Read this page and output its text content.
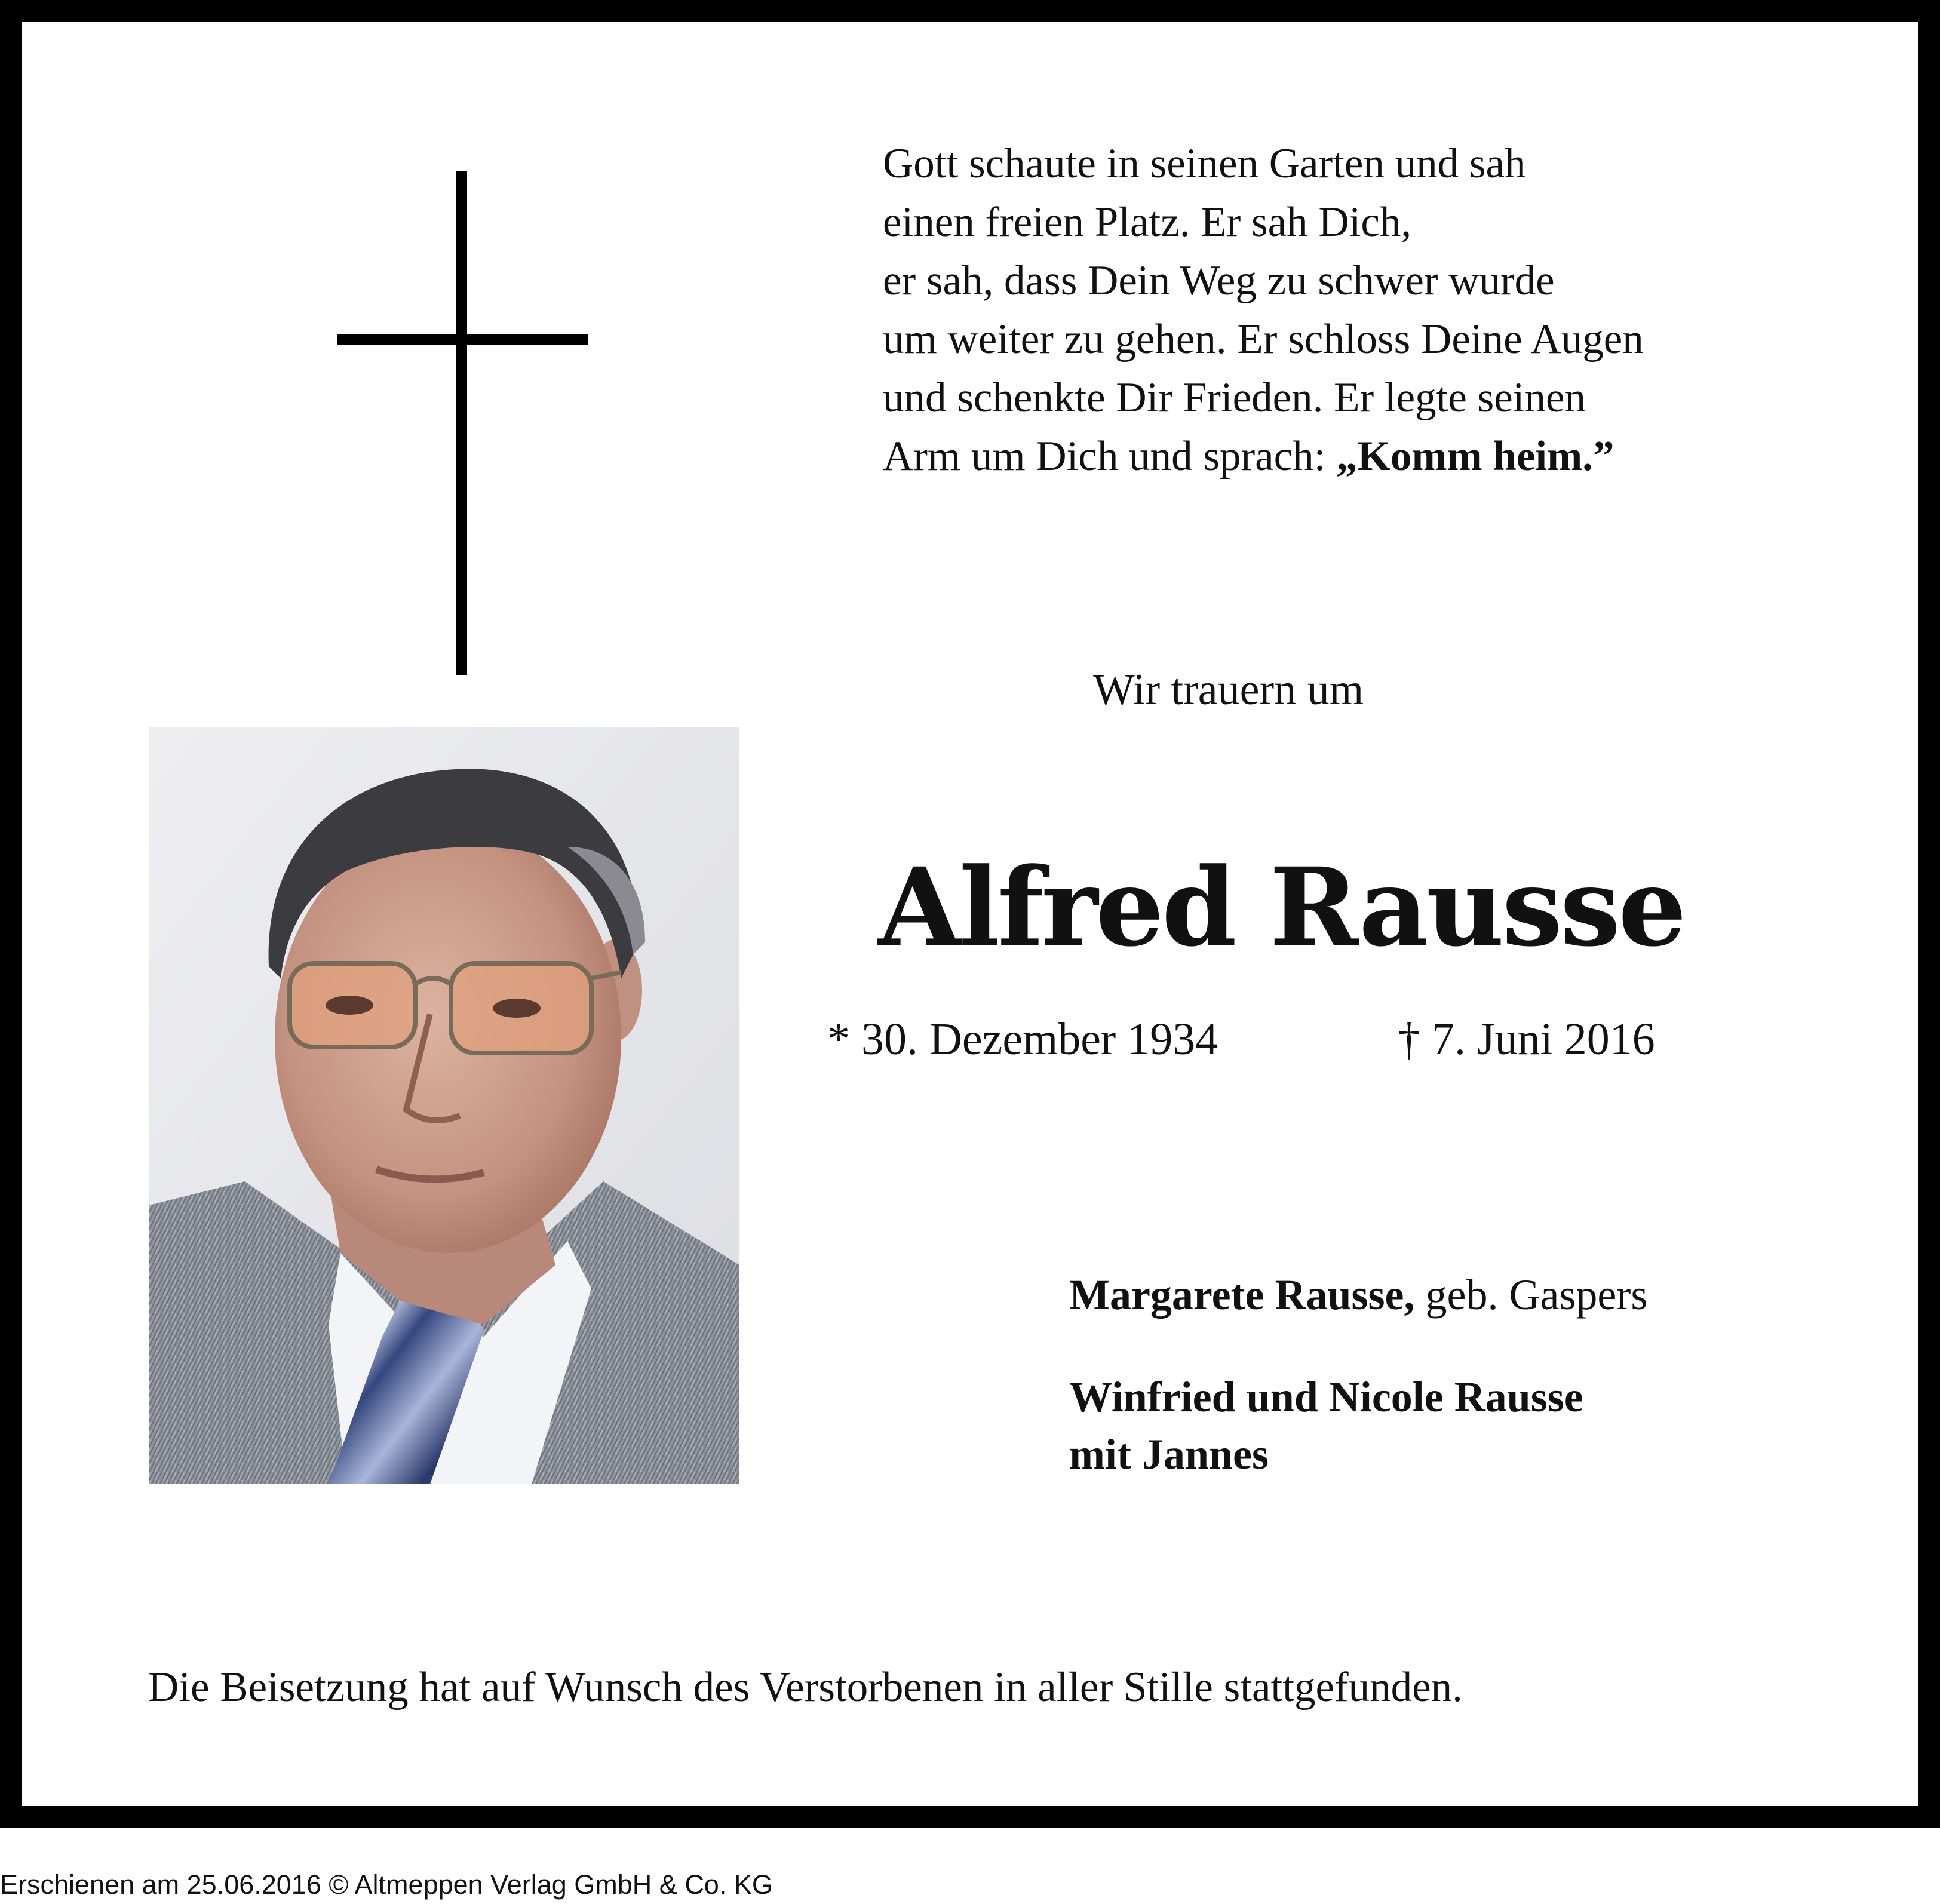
Gott schaute in seinen Garten und sah
einen freien Platz. Er sah Dich,
er sah, dass Dein Weg zu schwer wurde
um weiter zu gehen. Er schloss Deine Augen
und schenkte Dir Frieden. Er legte seinen
Arm um Dich und sprach: „Komm heim.”
Wir trauern um
Alfred Rausse
* 30. Dezember 1934	† 7. Juni 2016
Margarete Rausse, geb. Gaspers
Winfried und Nicole Rausse
mit Jannes
Die Beisetzung hat auf Wunsch des Verstorbenen in aller Stille stattgefunden.
Erschienen am 25.06.2016 © Altmeppen Verlag GmbH & Co. KG
